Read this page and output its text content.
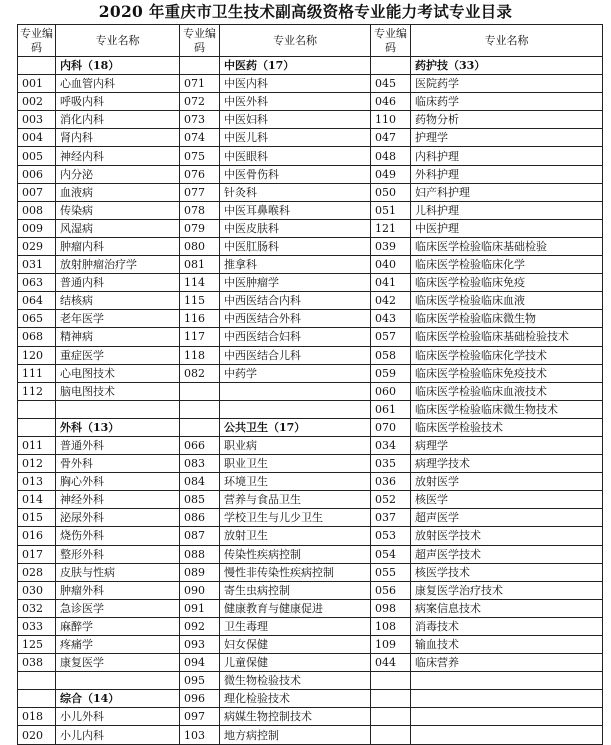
2020 年重庆市卫生技术副高级资格专业能力考试专业目录
专业编码	专业名称	专业编码	专业名称	专业编码	专业名称
	内科（18）		中医药（17）		药护技（33）
001	心血管内科	071	中医内科	045	医院药学
002	呼吸内科	072	中医外科	046	临床药学
003	消化内科	073	中医妇科	110	药物分析
004	肾内科	074	中医儿科	047	护理学
005	神经内科	075	中医眼科	048	内科护理
006	内分泌	076	中医骨伤科	049	外科护理
007	血液病	077	针灸科	050	妇产科护理
008	传染病	078	中医耳鼻喉科	051	儿科护理
009	风湿病	079	中医皮肤科	121	中医护理
029	肿瘤内科	080	中医肛肠科	039	临床医学检验临床基础检验
031	放射肿瘤治疗学	081	推拿科	040	临床医学检验临床化学
063	普通内科	114	中医肿瘤学	041	临床医学检验临床免疫
064	结核病	115	中西医结合内科	042	临床医学检验临床血液
065	老年医学	116	中西医结合外科	043	临床医学检验临床微生物
068	精神病	117	中西医结合妇科	057	临床医学检验临床基础检验技术
120	重症医学	118	中西医结合儿科	058	临床医学检验临床化学技术
111	心电图技术	082	中药学	059	临床医学检验临床免疫技术
112	脑电图技术			060	临床医学检验临床血液技术
				061	临床医学检验临床微生物技术
	外科（13）		公共卫生（17）	070	临床医学检验技术
011	普通外科	066	职业病	034	病理学
012	骨外科	083	职业卫生	035	病理学技术
013	胸心外科	084	环境卫生	036	放射医学
014	神经外科	085	营养与食品卫生	052	核医学
015	泌尿外科	086	学校卫生与儿少卫生	037	超声医学
016	烧伤外科	087	放射卫生	053	放射医学技术
017	整形外科	088	传染性疾病控制	054	超声医学技术
028	皮肤与性病	089	慢性非传染性疾病控制	055	核医学技术
030	肿瘤外科	090	寄生虫病控制	056	康复医学治疗技术
032	急诊医学	091	健康教育与健康促进	098	病案信息技术
033	麻醉学	092	卫生毒理	108	消毒技术
125	疼痛学	093	妇女保健	109	输血技术
038	康复医学	094	儿童保健	044	临床营养
		095	微生物检验技术		
	综合（14）	096	理化检验技术		
018	小儿外科	097	病媒生物控制技术		
020	小儿内科	103	地方病控制		
